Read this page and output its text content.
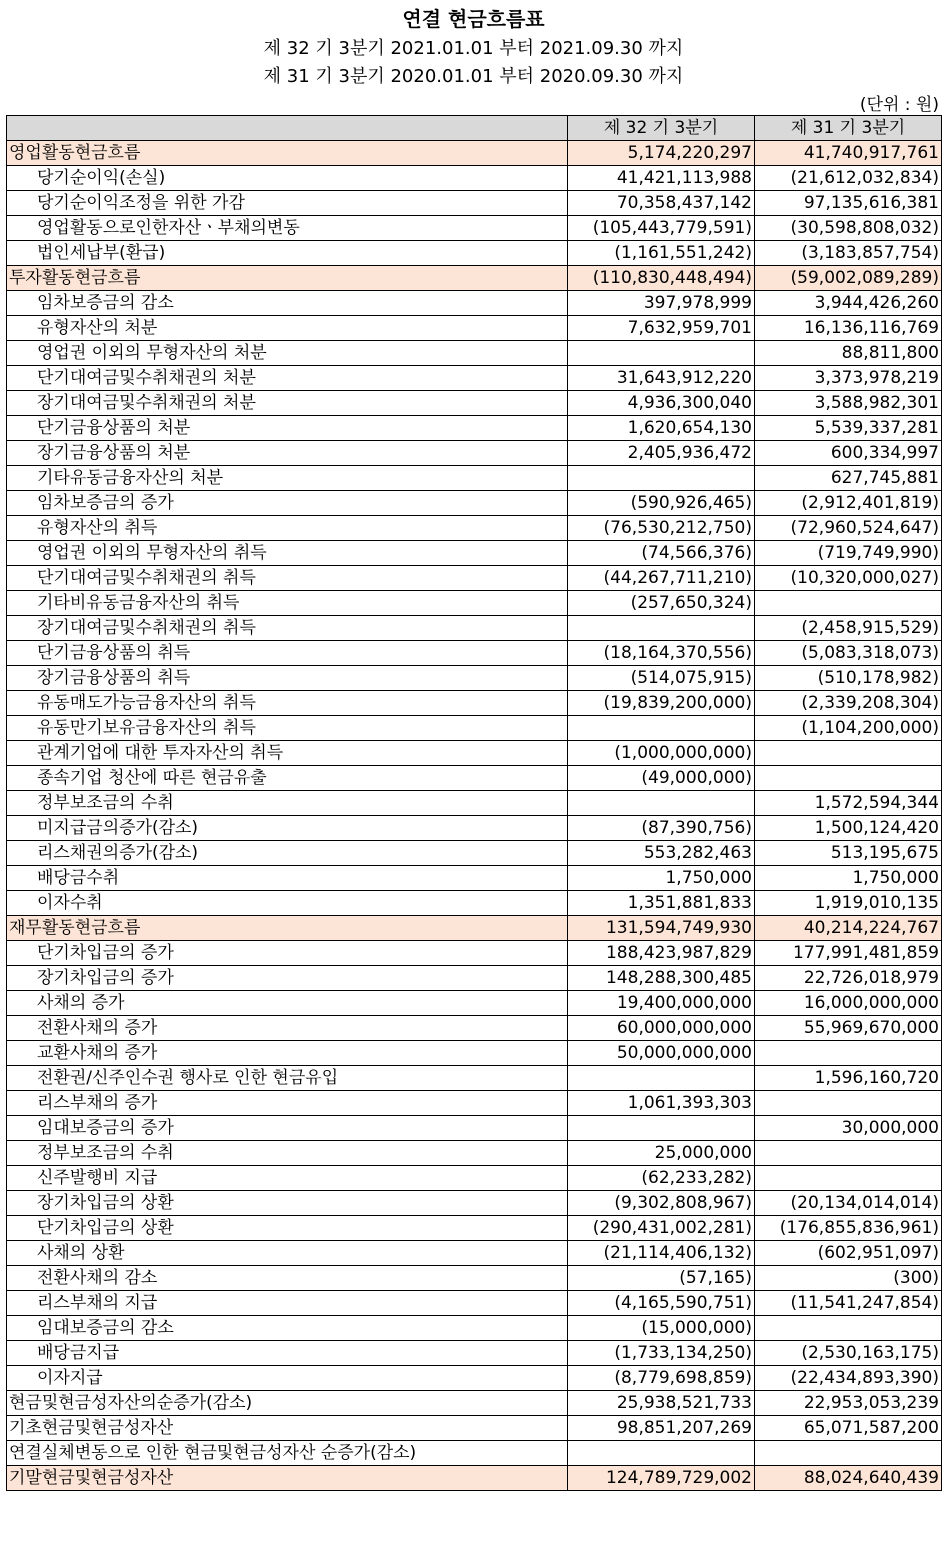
연결 현금흐름표
제 32 기 3분기 2021.01.01 부터 2021.09.30 까지
제 31 기 3분기 2020.01.01 부터 2020.09.30 까지
(단위 : 원)
	제 32 기 3분기	제 31 기 3분기
영업활동현금흐름	5,174,220,297	41,740,917,761
당기순이익(손실)	41,421,113,988	(21,612,032,834)
당기순이익조정을 위한 가감	70,358,437,142	97,135,616,381
영업활동으로인한자산ㆍ부채의변동	(105,443,779,591)	(30,598,808,032)
법인세납부(환급)	(1,161,551,242)	(3,183,857,754)
투자활동현금흐름	(110,830,448,494)	(59,002,089,289)
임차보증금의 감소	397,978,999	3,944,426,260
유형자산의 처분	7,632,959,701	16,136,116,769
영업권 이외의 무형자산의 처분		88,811,800
단기대여금및수취채권의 처분	31,643,912,220	3,373,978,219
장기대여금및수취채권의 처분	4,936,300,040	3,588,982,301
단기금융상품의 처분	1,620,654,130	5,539,337,281
장기금융상품의 처분	2,405,936,472	600,334,997
기타유동금융자산의 처분		627,745,881
임차보증금의 증가	(590,926,465)	(2,912,401,819)
유형자산의 취득	(76,530,212,750)	(72,960,524,647)
영업권 이외의 무형자산의 취득	(74,566,376)	(719,749,990)
단기대여금및수취채권의 취득	(44,267,711,210)	(10,320,000,027)
기타비유동금융자산의 취득	(257,650,324)	
장기대여금및수취채권의 취득		(2,458,915,529)
단기금융상품의 취득	(18,164,370,556)	(5,083,318,073)
장기금융상품의 취득	(514,075,915)	(510,178,982)
유동매도가능금융자산의 취득	(19,839,200,000)	(2,339,208,304)
유동만기보유금융자산의 취득		(1,104,200,000)
관계기업에 대한 투자자산의 취득	(1,000,000,000)	
종속기업 청산에 따른 현금유출	(49,000,000)	
정부보조금의 수취		1,572,594,344
미지급금의증가(감소)	(87,390,756)	1,500,124,420
리스채권의증가(감소)	553,282,463	513,195,675
배당금수취	1,750,000	1,750,000
이자수취	1,351,881,833	1,919,010,135
재무활동현금흐름	131,594,749,930	40,214,224,767
단기차입금의 증가	188,423,987,829	177,991,481,859
장기차입금의 증가	148,288,300,485	22,726,018,979
사채의 증가	19,400,000,000	16,000,000,000
전환사채의 증가	60,000,000,000	55,969,670,000
교환사채의 증가	50,000,000,000	
전환권/신주인수권 행사로 인한 현금유입		1,596,160,720
리스부채의 증가	1,061,393,303	
임대보증금의 증가		30,000,000
정부보조금의 수취	25,000,000	
신주발행비 지급	(62,233,282)	
장기차입금의 상환	(9,302,808,967)	(20,134,014,014)
단기차입금의 상환	(290,431,002,281)	(176,855,836,961)
사채의 상환	(21,114,406,132)	(602,951,097)
전환사채의 감소	(57,165)	(300)
리스부채의 지급	(4,165,590,751)	(11,541,247,854)
임대보증금의 감소	(15,000,000)	
배당금지급	(1,733,134,250)	(2,530,163,175)
이자지급	(8,779,698,859)	(22,434,893,390)
현금및현금성자산의순증가(감소)	25,938,521,733	22,953,053,239
기초현금및현금성자산	98,851,207,269	65,071,587,200
연결실체변동으로 인한 현금및현금성자산 순증가(감소)		
기말현금및현금성자산	124,789,729,002	88,024,640,439
